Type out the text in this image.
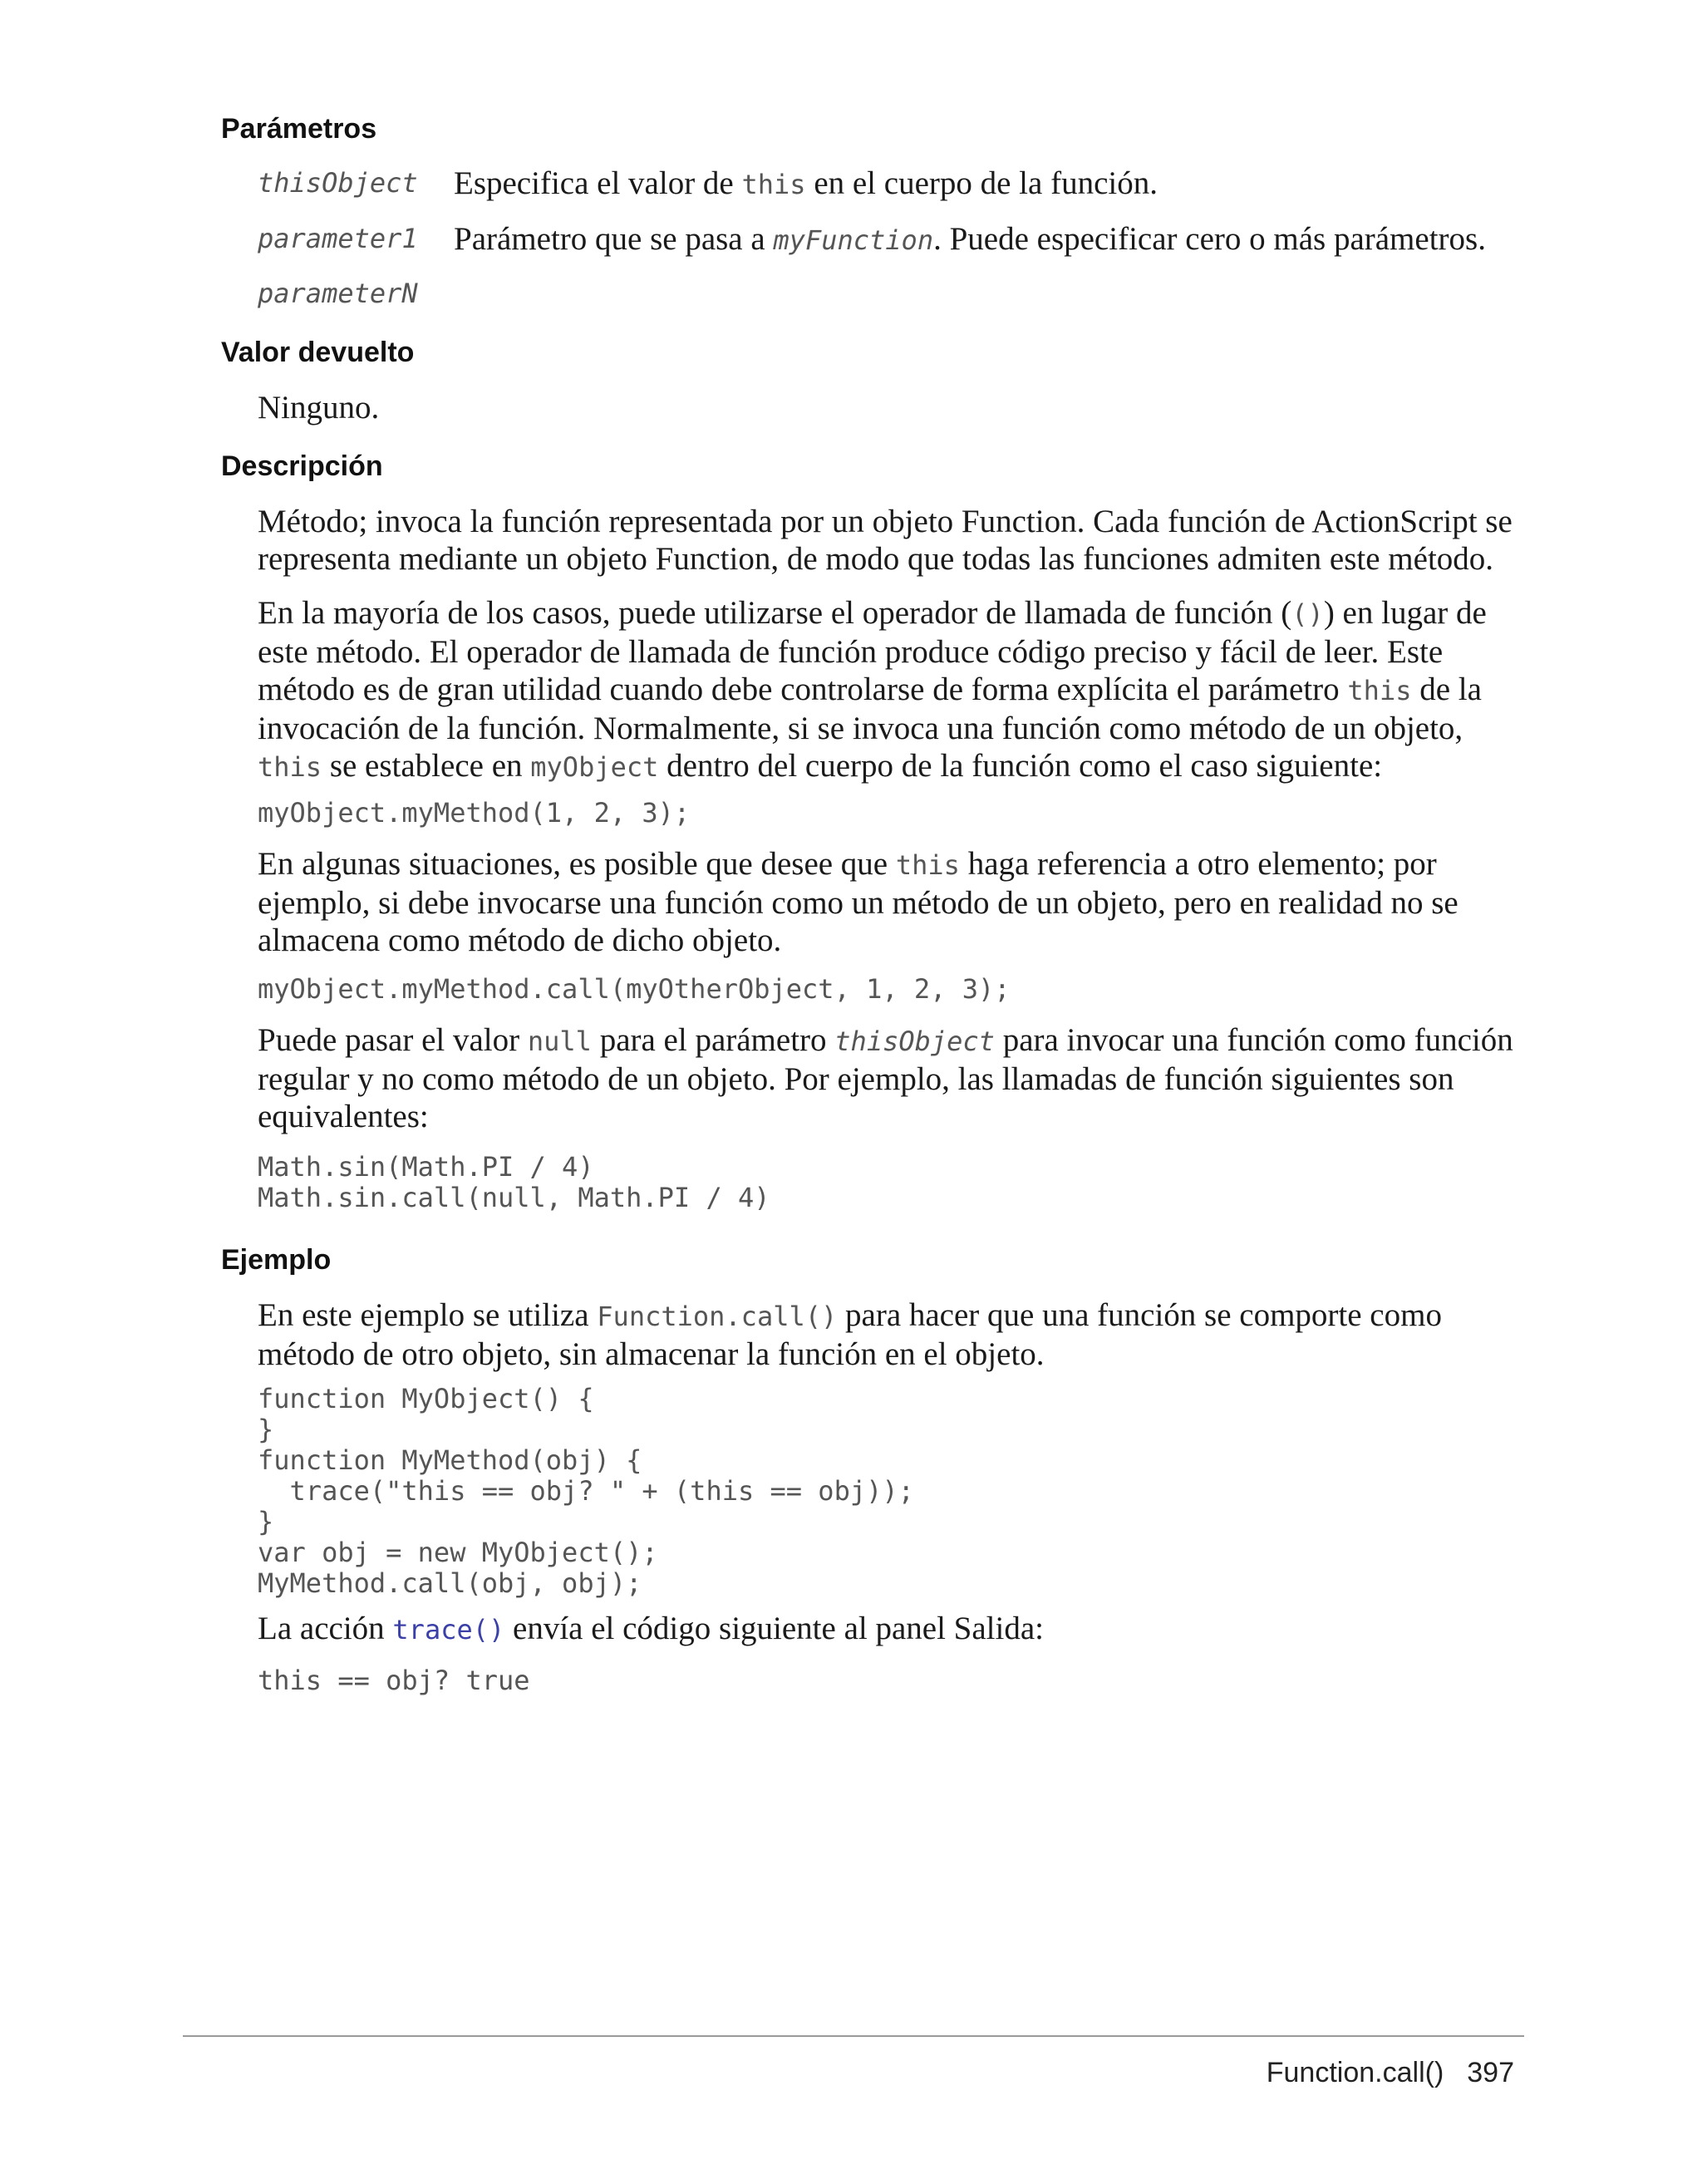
Parámetros
thisObject Especifica el valor de this en el cuerpo de la función.
parameter1 Parámetro que se pasa a myFunction. Puede especificar cero o más parámetros.
parameterN
Valor devuelto

Ninguno.

Descripción

Método; invoca la función representada por un objeto Function. Cada función de ActionScript se representa mediante un objeto Function, de modo que todas las funciones admiten este método.

En la mayoría de los casos, puede utilizarse el operador de llamada de función (()) en lugar de este método. El operador de llamada de función produce código preciso y fácil de leer. Este método es de gran utilidad cuando debe controlarse de forma explícita el parámetro this de la invocación de la función. Normalmente, si se invoca una función como método de un objeto, this se establece en myObject dentro del cuerpo de la función como el caso siguiente:

myObject.myMethod(1, 2, 3);

En algunas situaciones, es posible que desee que this haga referencia a otro elemento; por ejemplo, si debe invocarse una función como un método de un objeto, pero en realidad no se almacena como método de dicho objeto.

myObject.myMethod.call(myOtherObject, 1, 2, 3);

Puede pasar el valor null para el parámetro thisObject para invocar una función como función regular y no como método de un objeto. Por ejemplo, las llamadas de función siguientes son equivalentes:

Math.sin(Math.PI / 4)
Math.sin.call(null, Math.PI / 4)
Ejemplo

En este ejemplo se utiliza Function.call() para hacer que una función se comporte como método de otro objeto, sin almacenar la función en el objeto.

function MyObject() {
}
function MyMethod(obj) {
trace("this == obj? " + (this == obj));
}
var obj = new MyObject();
MyMethod.call(obj, obj);

La acción trace() envía el código siguiente al panel Salida:

this == obj? true
Function.call() 397
